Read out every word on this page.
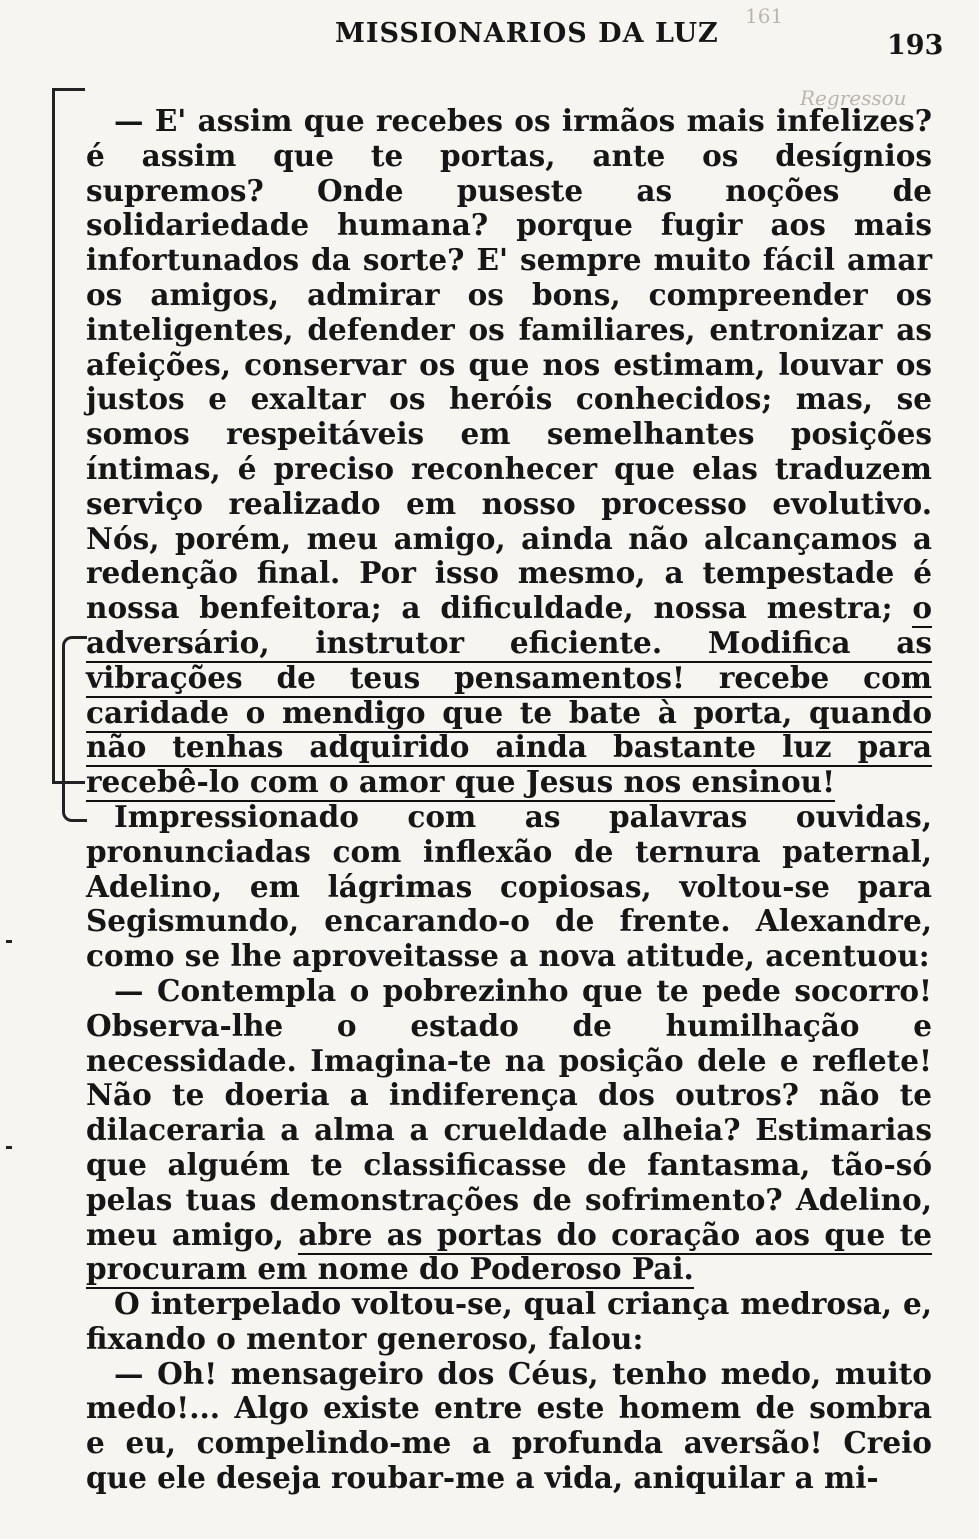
MISSIONARIOS DA LUZ	193
161
Regressou

— E' assim que recebes os irmãos mais infelizes? é assim que te portas, ante os desígnios supremos? Onde puseste as noções de solidariedade humana? porque fugir aos mais infortunados da sorte? E' sempre muito fácil amar os amigos, admirar os bons, compreender os inteligentes, defender os familiares, entronizar as afeições, conservar os que nos estimam, louvar os justos e exaltar os heróis conhecidos; mas, se somos respeitáveis em semelhantes posições íntimas, é preciso reconhecer que elas traduzem serviço realizado em nosso processo evolutivo. Nós, porém, meu amigo, ainda não alcançamos a redenção final. Por isso mesmo, a tempestade é nossa benfeitora; a dificuldade, nossa mestra; o adversário, instrutor eficiente. Modifica as vibrações de teus pensamentos! recebe com caridade o mendigo que te bate à porta, quando não tenhas adquirido ainda bastante luz para recebê-lo com o amor que Jesus nos ensinou!

Impressionado com as palavras ouvidas, pronunciadas com inflexão de ternura paternal, Adelino, em lágrimas copiosas, voltou-se para Segismundo, encarando-o de frente. Alexandre, como se lhe aproveitasse a nova atitude, acentuou:

— Contempla o pobrezinho que te pede socorro! Observa-lhe o estado de humilhação e necessidade. Imagina-te na posição dele e reflete! Não te doeria a indiferença dos outros? não te dilaceraria a alma a crueldade alheia? Estimarias que alguém te classificasse de fantasma, tão-só pelas tuas demonstrações de sofrimento? Adelino, meu amigo, abre as portas do coração aos que te procuram em nome do Poderoso Pai.

O interpelado voltou-se, qual criança medrosa, e, fixando o mentor generoso, falou:

— Oh! mensageiro dos Céus, tenho medo, muito medo!... Algo existe entre este homem de sombra e eu, compelindo-me a profunda aversão! Creio que ele deseja roubar-me a vida, aniquilar a mi-
